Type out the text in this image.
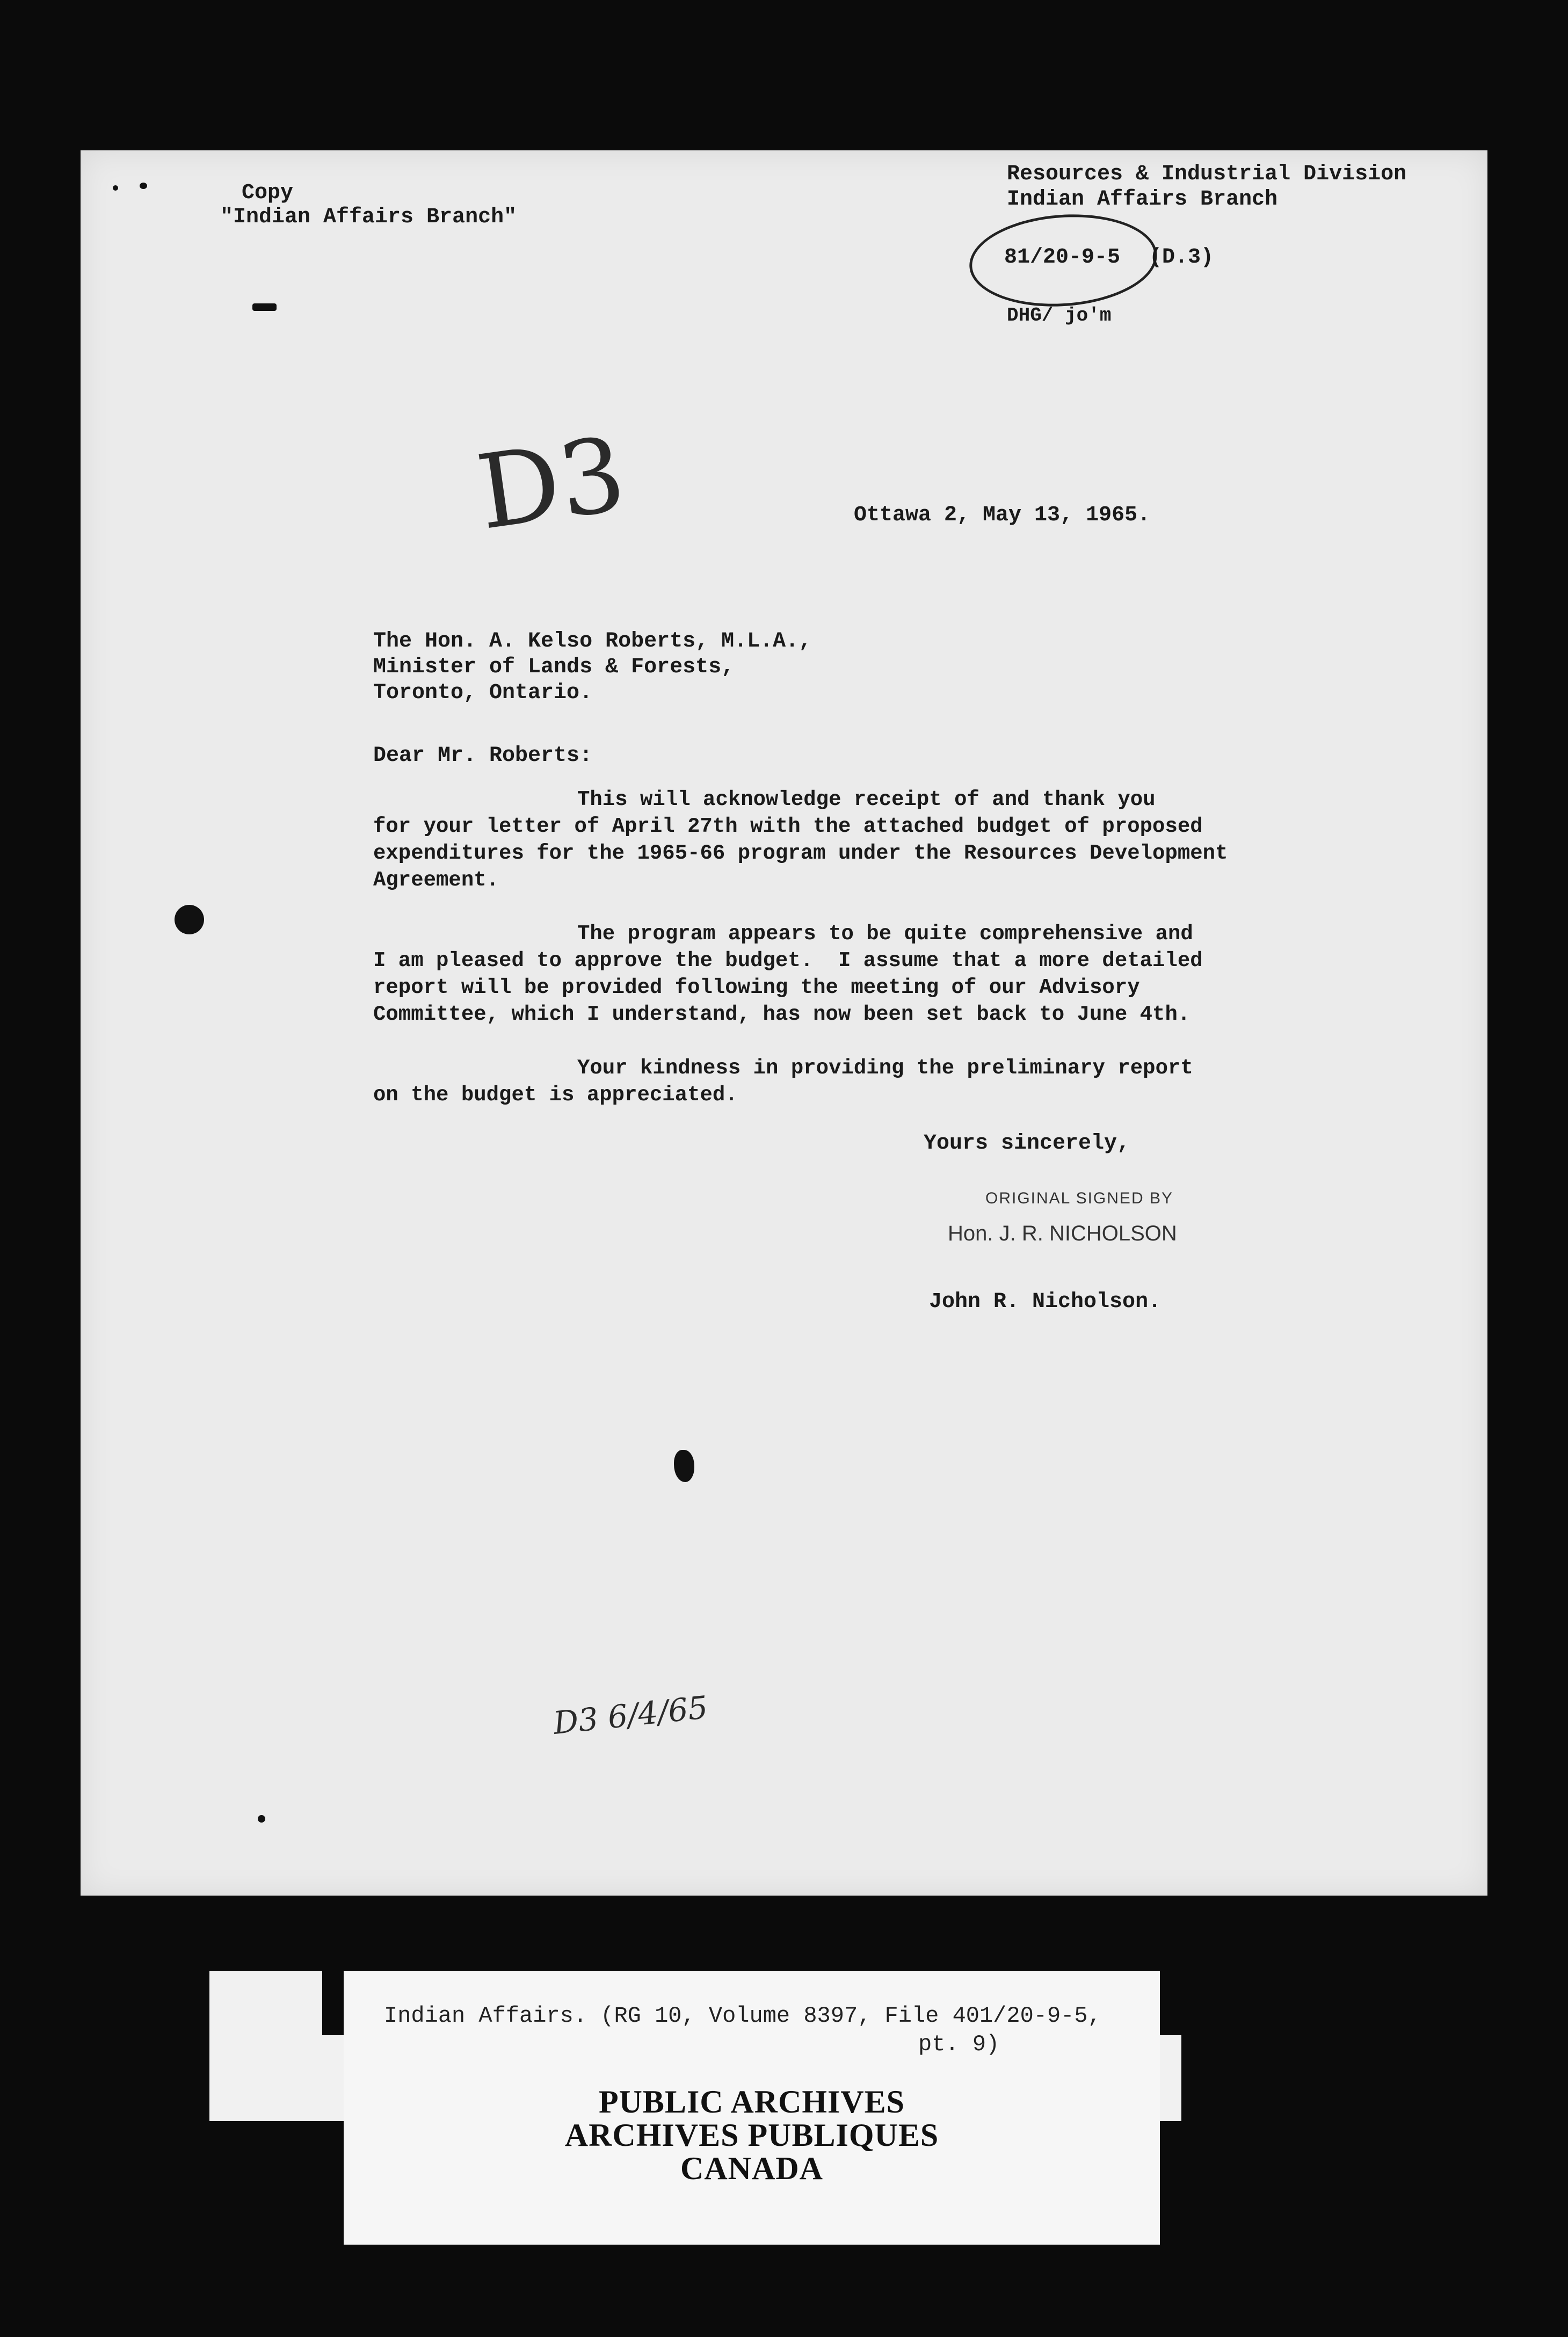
Copy
"Indian Affairs Branch"
Resources & Industrial Division
Indian Affairs Branch
81/20-9-5 (D.3)
DHG/ jo'm
D3	Ottawa 2, May 13, 1965.
The Hon. A. Kelso Roberts, M.L.A.,
Minister of Lands & Forests,
Toronto, Ontario.
Dear Mr. Roberts:
This will acknowledge receipt of and thank you
for your letter of April 27th with the attached budget of proposed
expenditures for the 1965-66 program under the Resources Development
Agreement.
The program appears to be quite comprehensive and
I am pleased to approve the budget.  I assume that a more detailed
report will be provided following the meeting of our Advisory
Committee, which I understand, has now been set back to June 4th.
Your kindness in providing the preliminary report
on the budget is appreciated.
Yours sincerely,
ORIGINAL SIGNED BY
Hon. J. R. NICHOLSON
John R. Nicholson.
D3 6/4/65
Indian Affairs. (RG 10, Volume 8397, File 401/20-9-5,
pt. 9)
PUBLIC ARCHIVES
ARCHIVES PUBLIQUES
CANADA
